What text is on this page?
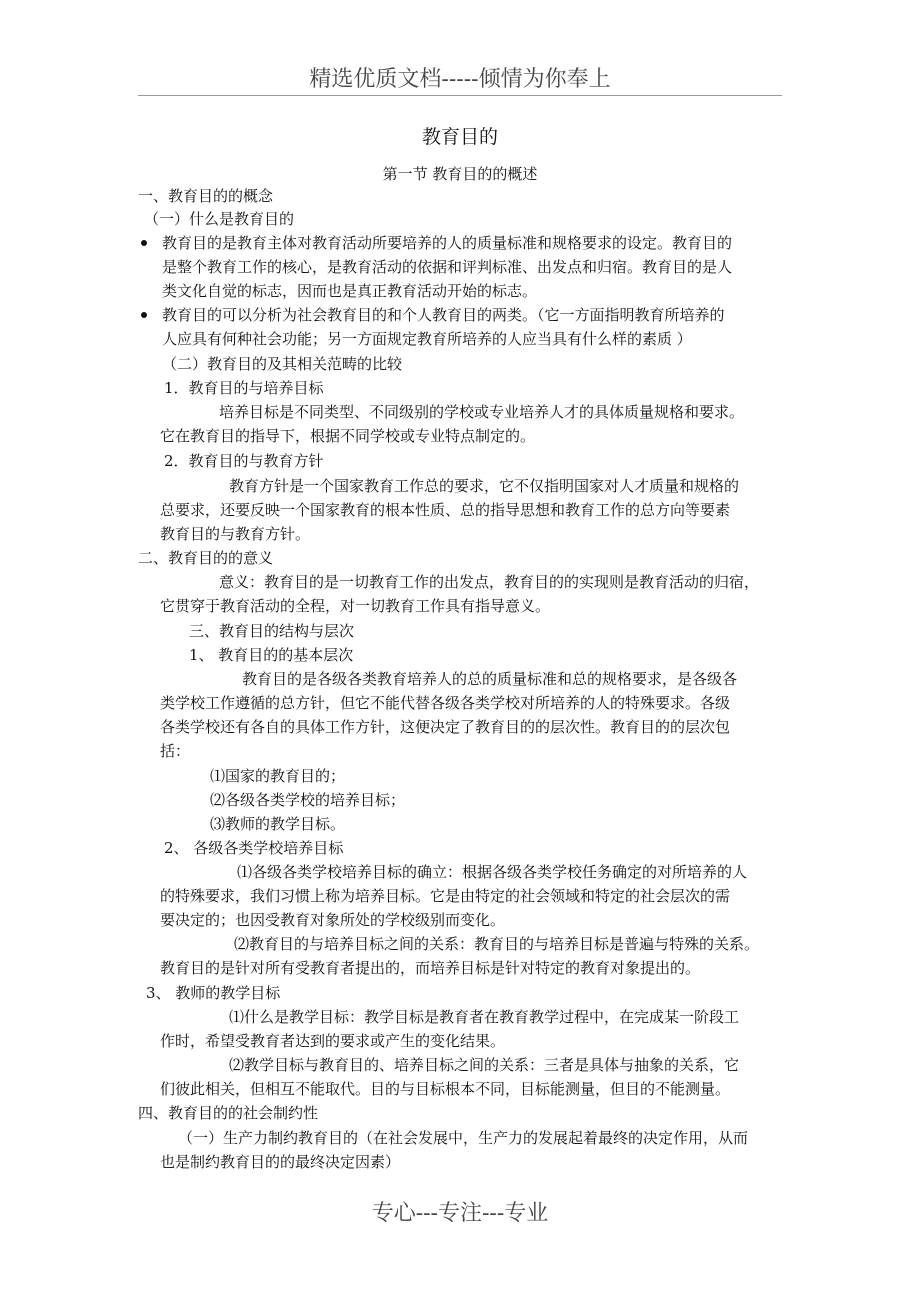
精选优质文档-----倾情为你奉上
教育目的
第一节 教育目的的概述
一、教育目的的概念
（一）什么是教育目的
教育目的是教育主体对教育活动所要培养的人的质量标准和规格要求的设定。教育目的
是整个教育工作的核心，是教育活动的依据和评判标准、出发点和归宿。教育目的是人
类文化自觉的标志，因而也是真正教育活动开始的标志。
教育目的可以分析为社会教育目的和个人教育目的两类。（它一方面指明教育所培养的
人应具有何种社会功能；另一方面规定教育所培养的人应当具有什么样的素质 ）
（二）教育目的及其相关范畴的比较
1．教育目的与培养目标
培养目标是不同类型、不同级别的学校或专业培养人才的具体质量规格和要求。
它在教育目的指导下，根据不同学校或专业特点制定的。
2．教育目的与教育方针
教育方针是一个国家教育工作总的要求，它不仅指明国家对人才质量和规格的
总要求，还要反映一个国家教育的根本性质、总的指导思想和教育工作的总方向等要素
教育目的与教育方针。
二、教育目的的意义
意义：教育目的是一切教育工作的出发点，教育目的的实现则是教育活动的归宿，
它贯穿于教育活动的全程，对一切教育工作具有指导意义。
三、教育目的结构与层次
1、 教育目的的基本层次
教育目的是各级各类教育培养人的总的质量标准和总的规格要求，是各级各
类学校工作遵循的总方针，但它不能代替各级各类学校对所培养的人的特殊要求。各级
各类学校还有各自的具体工作方针，这便决定了教育目的的层次性。教育目的的层次包
括：
⑴国家的教育目的；
⑵各级各类学校的培养目标；
⑶教师的教学目标。
2、 各级各类学校培养目标
⑴各级各类学校培养目标的确立：根据各级各类学校任务确定的对所培养的人
的特殊要求，我们习惯上称为培养目标。它是由特定的社会领域和特定的社会层次的需
要决定的；也因受教育对象所处的学校级别而变化。
⑵教育目的与培养目标之间的关系：教育目的与培养目标是普遍与特殊的关系。
教育目的是针对所有受教育者提出的，而培养目标是针对特定的教育对象提出的。
3、 教师的教学目标
⑴什么是教学目标：教学目标是教育者在教育教学过程中，在完成某一阶段工
作时，希望受教育者达到的要求或产生的变化结果。
⑵教学目标与教育目的、培养目标之间的关系：三者是具体与抽象的关系，它
们彼此相关，但相互不能取代。目的与目标根本不同，目标能测量，但目的不能测量。
四、教育目的的社会制约性
（一）生产力制约教育目的（在社会发展中，生产力的发展起着最终的决定作用，从而
也是制约教育目的的最终决定因素）
专心---专注---专业
